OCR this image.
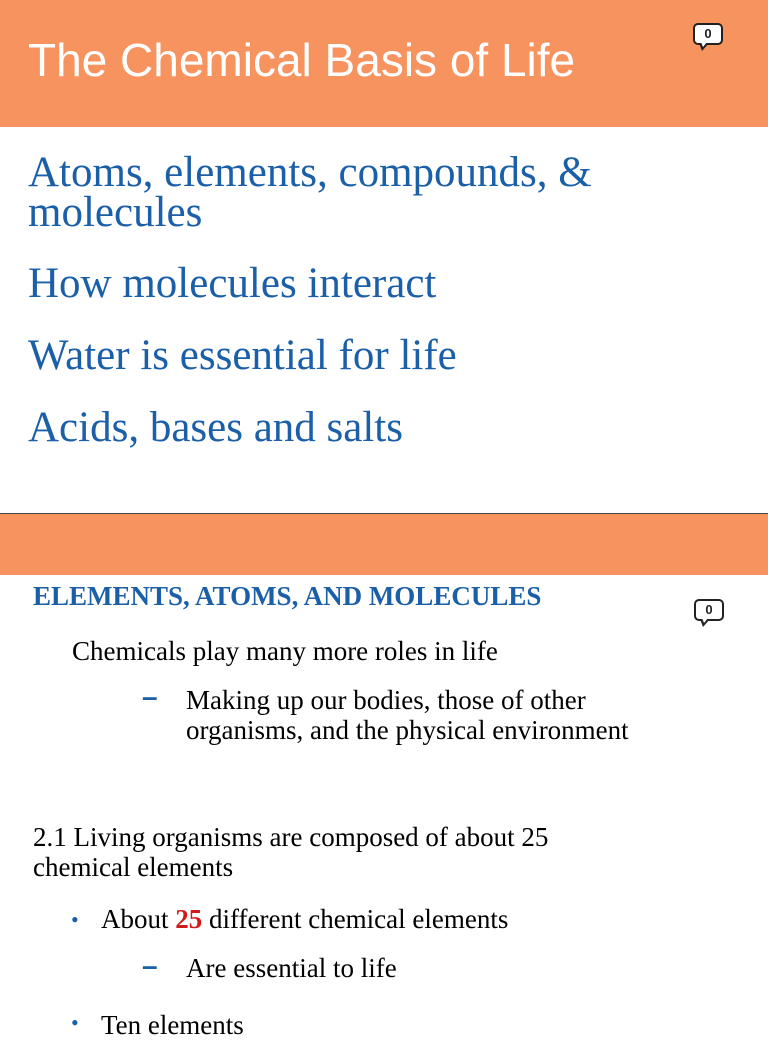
The Chemical Basis of Life
0
Atoms, elements, compounds, &
molecules
How molecules interact
Water is essential for life
Acids, bases and salts
ELEMENTS, ATOMS, AND MOLECULES	0
Chemicals play many more roles in life
– Making up our bodies, those of other
organisms, and the physical environment
2.1 Living organisms are composed of about 25
chemical elements
• About 25 different chemical elements
– Are essential to life
• Ten elements
